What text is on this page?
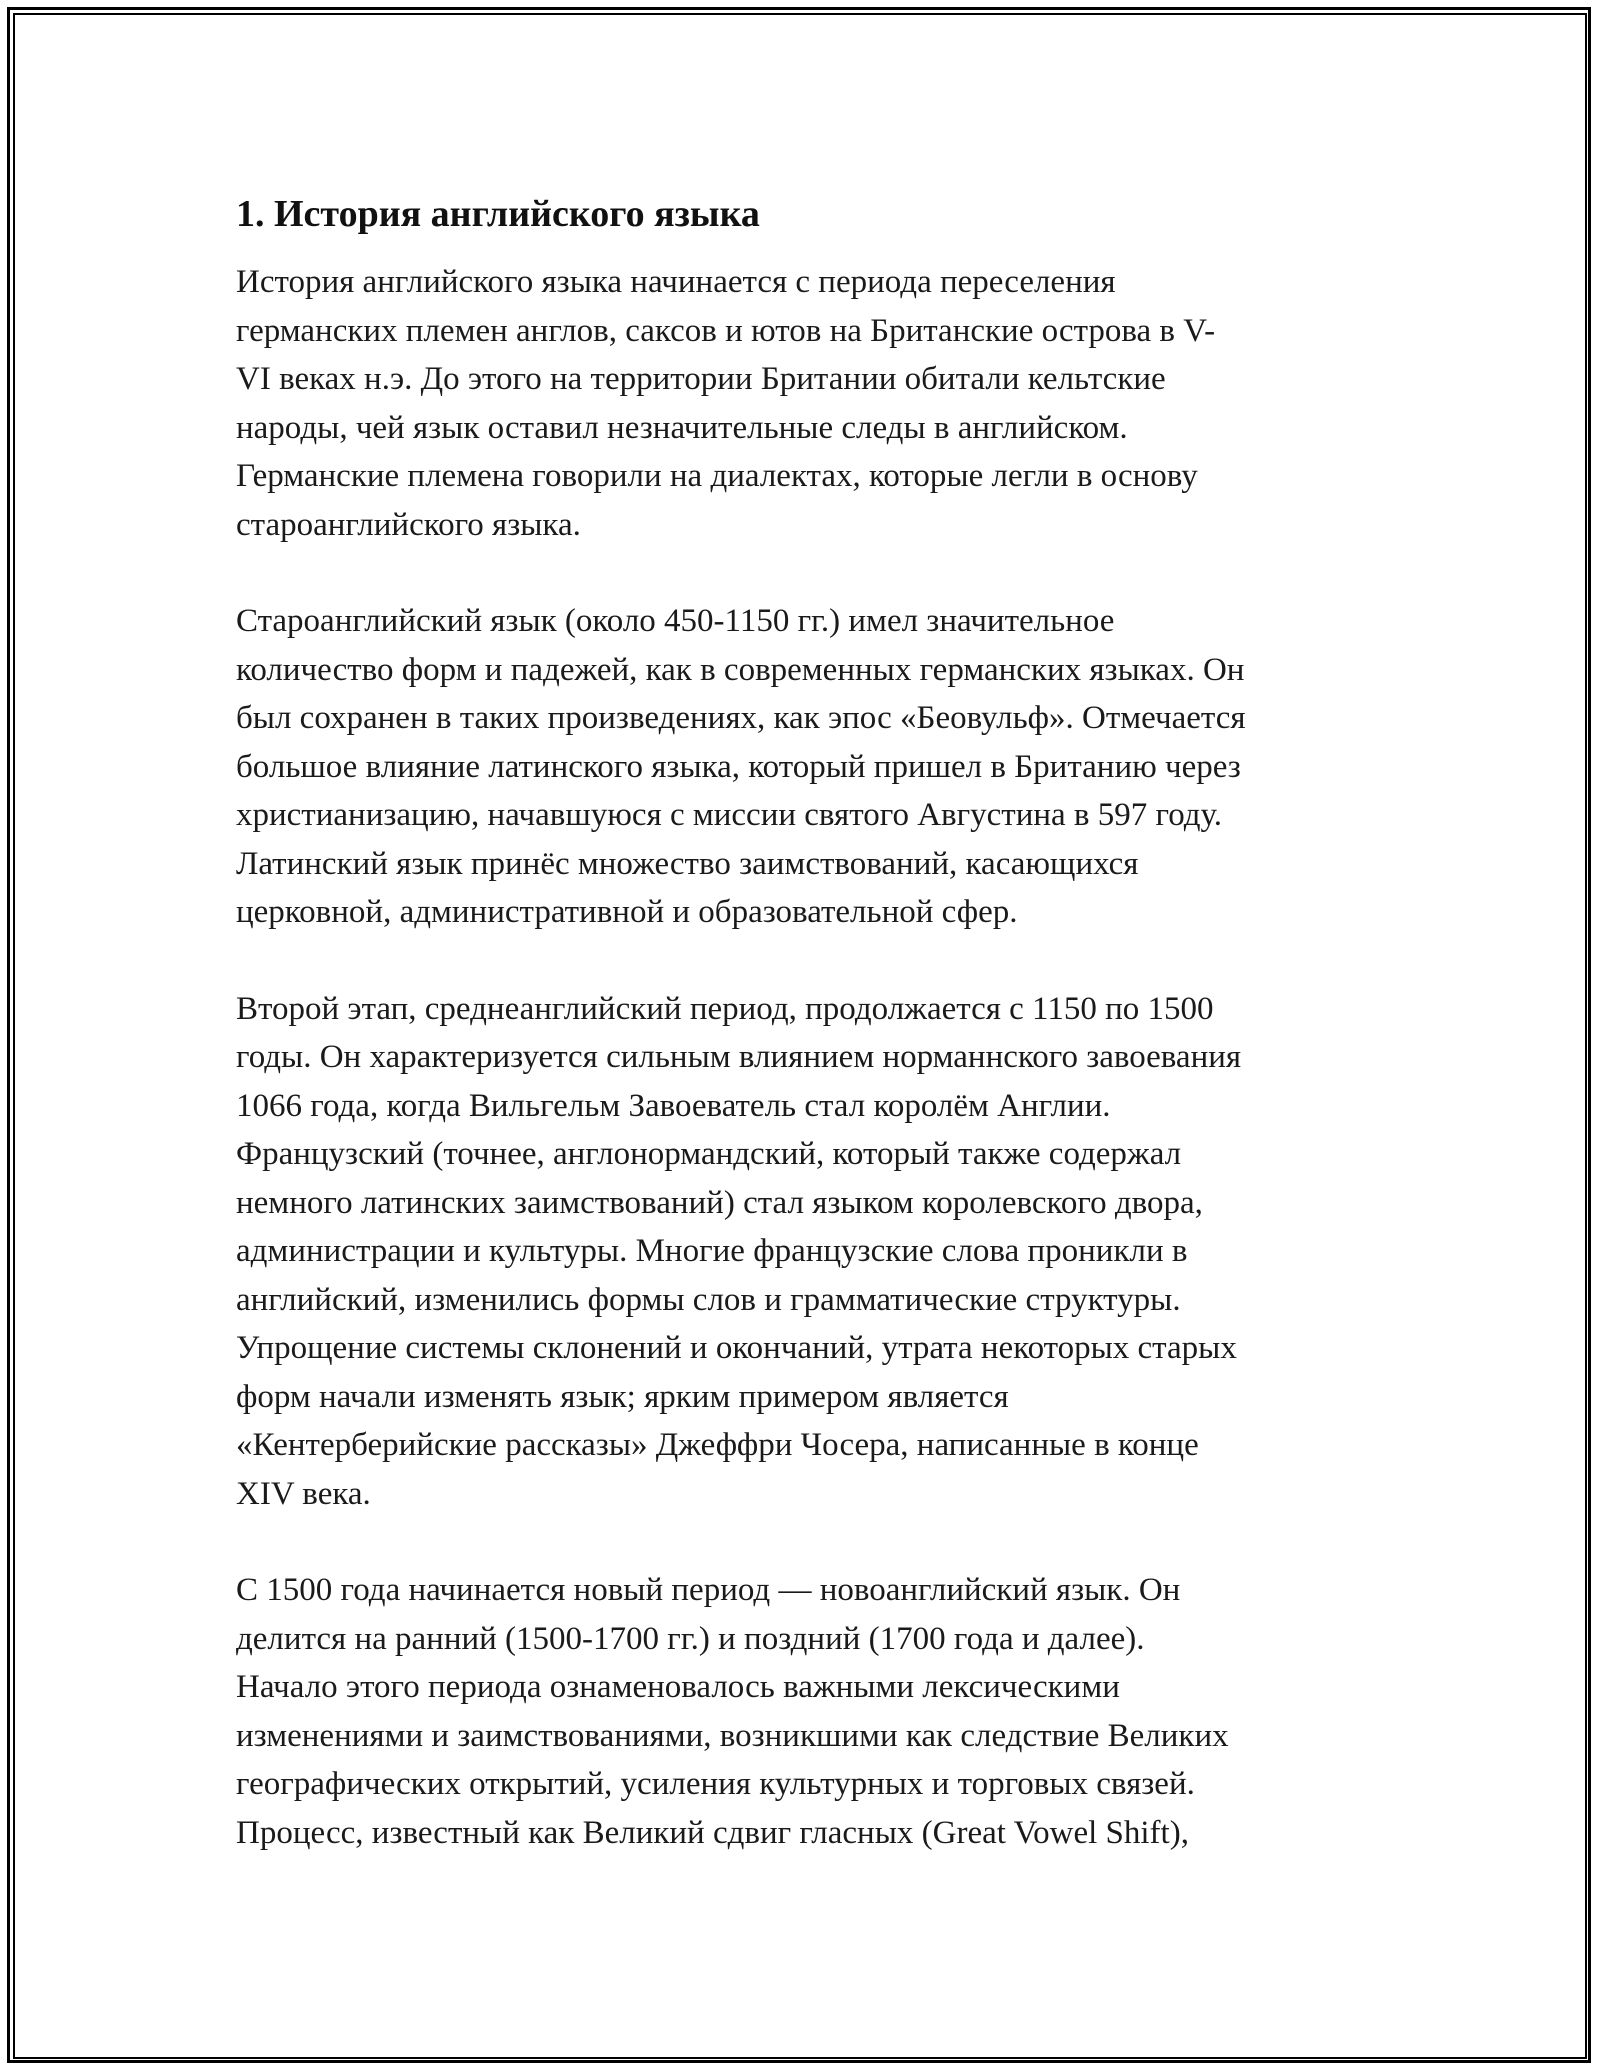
1. История английского языка

История английского языка начинается с периода переселения
германских племен англов, саксов и ютов на Британские острова в V-
VI веках н.э. До этого на территории Британии обитали кельтские
народы, чей язык оставил незначительные следы в английском.
Германские племена говорили на диалектах, которые легли в основу
староанглийского языка.

Староанглийский язык (около 450-1150 гг.) имел значительное
количество форм и падежей, как в современных германских языках. Он
был сохранен в таких произведениях, как эпос «Беовульф». Отмечается
большое влияние латинского языка, который пришел в Британию через
христианизацию, начавшуюся с миссии святого Августина в 597 году.
Латинский язык принёс множество заимствований, касающихся
церковной, административной и образовательной сфер.

Второй этап, среднеанглийский период, продолжается с 1150 по 1500
годы. Он характеризуется сильным влиянием норманнского завоевания
1066 года, когда Вильгельм Завоеватель стал королём Англии.
Французский (точнее, англонормандский, который также содержал
немного латинских заимствований) стал языком королевского двора,
администрации и культуры. Многие французские слова проникли в
английский, изменились формы слов и грамматические структуры.
Упрощение системы склонений и окончаний, утрата некоторых старых
форм начали изменять язык; ярким примером является
«Кентерберийские рассказы» Джеффри Чосера, написанные в конце
XIV века.

С 1500 года начинается новый период — новоанглийский язык. Он
делится на ранний (1500-1700 гг.) и поздний (1700 года и далее).
Начало этого периода ознаменовалось важными лексическими
изменениями и заимствованиями, возникшими как следствие Великих
географических открытий, усиления культурных и торговых связей.
Процесс, известный как Великий сдвиг гласных (Great Vowel Shift),
